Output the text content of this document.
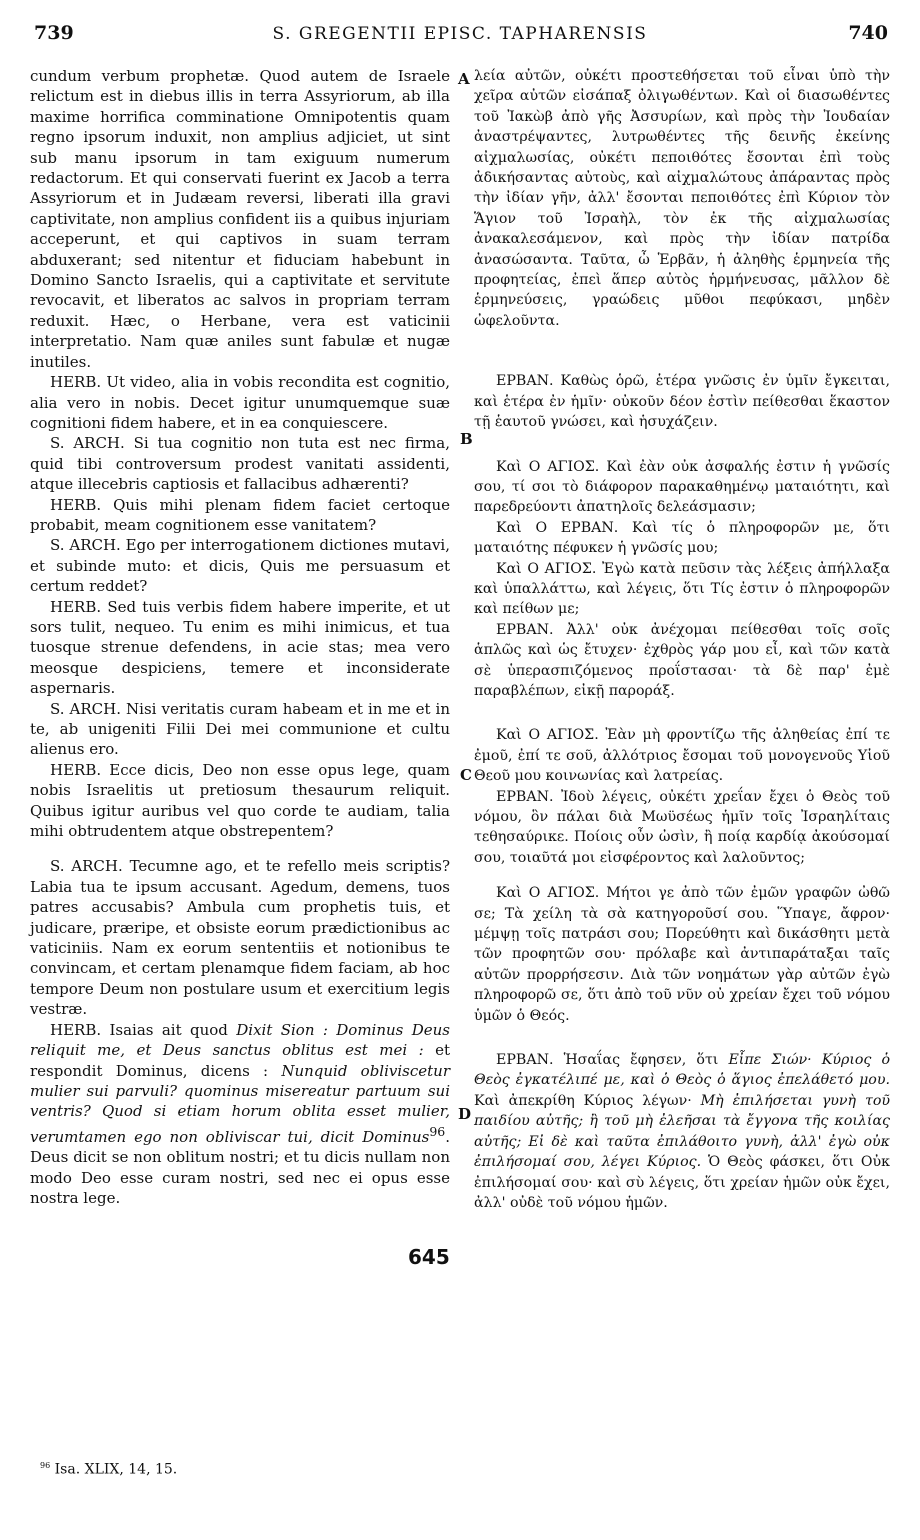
739	S. GREGENTII EPISC. TAPHARENSIS	740

cundum verbum prophetæ. Quod autem de Israele relictum est in diebus illis in terra Assyriorum, ab illa maxime horrifica comminatione Omnipotentis quam regno ipsorum induxit, non amplius adjiciet, ut sint sub manu ipsorum in tam exiguum numerum redactorum. Et qui conservati fuerint ex Jacob a terra Assyriorum et in Judæam reversi, liberati illa gravi captivitate, non amplius confident iis a quibus injuriam acceperunt, et qui captivos in suam terram abduxerant; sed nitentur et fiduciam habebunt in Domino Sancto Israelis, qui a captivitate et servitute revocavit, et liberatos ac salvos in propriam terram reduxit. Hæc, o Herbane, vera est vaticinii interpretatio. Nam quæ aniles sunt fabulæ et nugæ inutiles.

HERB. Ut video, alia in vobis recondita est cognitio, alia vero in nobis. Decet igitur unumquemque suæ cognitioni fidem habere, et in ea conquiescere.

S. ARCH. Si tua cognitio non tuta est nec firma, quid tibi controversum prodest vanitati assidenti, atque illecebris captiosis et fallacibus adhærenti?

HERB. Quis mihi plenam fidem faciet certoque probabit, meam cognitionem esse vanitatem?

S. ARCH. Ego per interrogationem dictiones mutavi, et subinde muto: et dicis, Quis me persuasum et certum reddet?

HERB. Sed tuis verbis fidem habere imperite, et ut sors tulit, nequeo. Tu enim es mihi inimicus, et tua tuosque strenue defendens, in acie stas; mea vero meosque despiciens, temere et inconsiderate aspernaris.

S. ARCH. Nisi veritatis curam habeam et in me et in te, ab unigeniti Filii Dei mei communione et cultu alienus ero.

HERB. Ecce dicis, Deo non esse opus lege, quam nobis Israelitis ut pretiosum thesaurum reliquit. Quibus igitur auribus vel quo corde te audiam, talia mihi obtrudentem atque obstrepentem?

S. ARCH. Tecumne ago, et te refello meis scriptis? Labia tua te ipsum accusant. Agedum, demens, tuos patres accusabis? Ambula cum prophetis tuis, et judicare, præripe, et obsiste eorum prædictionibus ac vaticiniis. Nam ex eorum sententiis et notionibus te convincam, et certam plenamque fidem faciam, ab hoc tempore Deum non postulare usum et exercitium legis vestræ.

HERB. Isaias ait quod Dixit Sion : Dominus Deus reliquit me, et Deus sanctus oblitus est mei : et respondit Dominus, dicens : Nunquid obliviscetur mulier sui parvuli? quominus misereatur partuum sui ventris? Quod si etiam horum oblita esset mulier, verumtamen ego non obliviscar tui, dicit Dominus$^{96}$. Deus dicit se non oblitum nostri; et tu dicis nullam non modo Deo esse curam nostri, sed nec ei opus esse nostra lege.

λεία αὐτῶν, οὐκέτι προστεθήσεται τοῦ εἶναι ὑπὸ τὴν χεῖρα αὐτῶν εἰσάπαξ ὀλιγωθέντων. Καὶ οἱ διασωθέντες τοῦ Ἰακὼβ ἀπὸ γῆς Ἀσσυρίων, καὶ πρὸς τὴν Ἰουδαίαν ἀναστρέψαντες, λυτρωθέντες τῆς δεινῆς ἐκείνης αἰχμαλωσίας, οὐκέτι πεποιθότες ἔσονται ἐπὶ τοὺς ἀδικήσαντας αὐτοὺς, καὶ αἰχμαλώτους ἀπάραντας πρὸς τὴν ἰδίαν γῆν, ἀλλ' ἔσονται πεποιθότες ἐπὶ Κύριον τὸν Ἅγιον τοῦ Ἰσραὴλ, τὸν ἐκ τῆς αἰχμαλωσίας ἀνακαλεσάμενον, καὶ πρὸς τὴν ἰδίαν πατρίδα ἀνασώσαντα. Ταῦτα, ὦ Ἑρβᾶν, ἡ ἀληθὴς ἑρμηνεία τῆς προφητείας, ἐπεὶ ἅπερ αὐτὸς ἡρμήνευσας, μᾶλλον δὲ ἑρμηνεύσεις, γραώδεις μῦθοι πεφύκασι, μηδὲν ὠφελοῦντα.

ΕΡΒΑΝ. Καθὼς ὁρῶ, ἑτέρα γνῶσις ἐν ὑμῖν ἔγκειται, καὶ ἑτέρα ἐν ἡμῖν· οὐκοῦν δέον ἐστὶν πείθεσθαι ἕκαστον τῇ ἑαυτοῦ γνώσει, καὶ ἡσυχάζειν.

Καὶ Ο ΑΓΙΟΣ. Καὶ ἐὰν οὐκ ἀσφαλής ἐστιν ἡ γνῶσίς σου, τί σοι τὸ διάφορον παρακαθημένῳ ματαιότητι, καὶ παρεδρεύοντι ἀπατηλοῖς δελεάσμασιν;

Καὶ Ο ΕΡΒΑΝ. Καὶ τίς ὁ πληροφορῶν με, ὅτι ματαιότης πέφυκεν ἡ γνῶσίς μου;

Καὶ Ο ΑΓΙΟΣ. Ἐγὼ κατὰ πεῦσιν τὰς λέξεις ἀπήλλαξα καὶ ὑπαλλάττω, καὶ λέγεις, ὅτι Τίς ἐστιν ὁ πληροφορῶν καὶ πείθων με;

ΕΡΒΑΝ. Ἀλλ' οὐκ ἀνέχομαι πείθεσθαι τοῖς σοῖς ἁπλῶς καὶ ὡς ἔτυχεν· ἐχθρὸς γάρ μου εἶ, καὶ τῶν κατὰ σὲ ὑπερασπιζόμενος προΐστασαι· τὰ δὲ παρ' ἐμὲ παραβλέπων, εἰκῇ παροράξ.

Καὶ Ο ΑΓΙΟΣ. Ἐὰν μὴ φροντίζω τῆς ἀληθείας ἐπί τε ἐμοῦ, ἐπί τε σοῦ, ἀλλότριος ἔσομαι τοῦ μονογενοῦς Υἱοῦ Θεοῦ μου κοινωνίας καὶ λατρείας.

ΕΡΒΑΝ. Ἰδοὺ λέγεις, οὐκέτι χρεΐαν ἔχει ὁ Θεὸς τοῦ νόμου, ὃν πάλαι διὰ Μωϋσέως ἡμῖν τοῖς Ἰσραηλίταις τεθησαύρικε. Ποίοις οὖν ὠσὶν, ἢ ποίᾳ καρδίᾳ ἀκούσομαί σου, τοιαῦτά μοι εἰσφέροντος καὶ λαλοῦντος;

Καὶ Ο ΑΓΙΟΣ. Μήτοι γε ἀπὸ τῶν ἐμῶν γραφῶν ὠθῶ σε; Τὰ χείλη τὰ σὰ κατηγοροῦσί σου. Ὕπαγε, ἄφρον· μέμψῃ τοῖς πατράσι σου; Πορεύθητι καὶ δικάσθητι μετὰ τῶν προφητῶν σου· πρόλαβε καὶ ἀντιπαράταξαι ταῖς αὐτῶν προρρήσεσιν. Διὰ τῶν νοημάτων γὰρ αὐτῶν ἐγὼ πληροφορῶ σε, ὅτι ἀπὸ τοῦ νῦν οὐ χρείαν ἔχει τοῦ νόμου ὑμῶν ὁ Θεός.

ΕΡΒΑΝ. Ἡσαΐας ἔφησεν, ὅτι Εἶπε Σιών· Κύριος ὁ Θεὸς ἐγκατέλιπέ με, καὶ ὁ Θεὸς ὁ ἅγιος ἐπελάθετό μου. Καὶ ἀπεκρίθη Κύριος λέγων· Μὴ ἐπιλήσεται γυνὴ τοῦ παιδίου αὐτῆς; ἢ τοῦ μὴ ἐλεῆσαι τὰ ἔγγονα τῆς κοιλίας αὐτῆς; Εἰ δὲ καὶ ταῦτα ἐπιλάθοιτο γυνὴ, ἀλλ' ἐγὼ οὐκ ἐπιλήσομαί σου, λέγει Κύριος. Ὁ Θεὸς φάσκει, ὅτι Οὐκ ἐπιλήσομαί σου· καὶ σὺ λέγεις, ὅτι χρείαν ἡμῶν οὐκ ἔχει, ἀλλ' οὐδὲ τοῦ νόμου ἡμῶν.

A
B
C
D
645
$^{96}$ Isa. XLIX, 14, 15.
